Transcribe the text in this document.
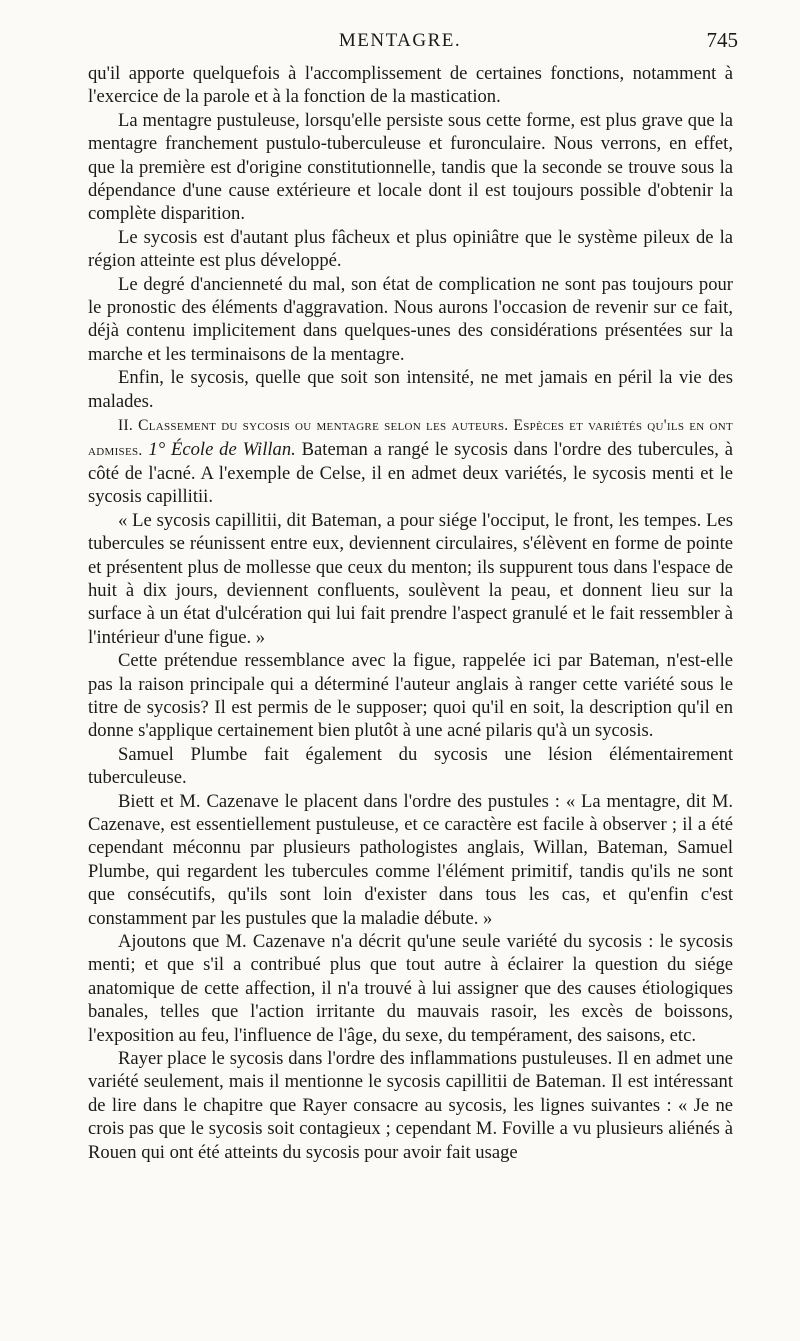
MENTAGRE.	745

qu'il apporte quelquefois à l'accomplissement de certaines fonctions, notamment à l'exercice de la parole et à la fonction de la mastication.

La mentagre pustuleuse, lorsqu'elle persiste sous cette forme, est plus grave que la mentagre franchement pustulo-tuberculeuse et furonculaire. Nous verrons, en effet, que la première est d'origine constitutionnelle, tandis que la seconde se trouve sous la dépendance d'une cause extérieure et locale dont il est toujours possible d'obtenir la complète disparition.

Le sycosis est d'autant plus fâcheux et plus opiniâtre que le système pileux de la région atteinte est plus développé.

Le degré d'ancienneté du mal, son état de complication ne sont pas toujours pour le pronostic des éléments d'aggravation. Nous aurons l'occasion de revenir sur ce fait, déjà contenu implicitement dans quelques-unes des considérations présentées sur la marche et les terminaisons de la mentagre.

Enfin, le sycosis, quelle que soit son intensité, ne met jamais en péril la vie des malades.

II. Classement du sycosis ou mentagre selon les auteurs. Espèces et variétés qu'ils en ont admises. 1° École de Willan. Bateman a rangé le sycosis dans l'ordre des tubercules, à côté de l'acné. A l'exemple de Celse, il en admet deux variétés, le sycosis menti et le sycosis capillitii.

« Le sycosis capillitii, dit Bateman, a pour siége l'occiput, le front, les tempes. Les tubercules se réunissent entre eux, deviennent circulaires, s'élèvent en forme de pointe et présentent plus de mollesse que ceux du menton; ils suppurent tous dans l'espace de huit à dix jours, deviennent confluents, soulèvent la peau, et donnent lieu sur la surface à un état d'ulcération qui lui fait prendre l'aspect granulé et le fait ressembler à l'intérieur d'une figue. »

Cette prétendue ressemblance avec la figue, rappelée ici par Bateman, n'est-elle pas la raison principale qui a déterminé l'auteur anglais à ranger cette variété sous le titre de sycosis? Il est permis de le supposer; quoi qu'il en soit, la description qu'il en donne s'applique certainement bien plutôt à une acné pilaris qu'à un sycosis.

Samuel Plumbe fait également du sycosis une lésion élémentairement tuberculeuse.

Biett et M. Cazenave le placent dans l'ordre des pustules : « La mentagre, dit M. Cazenave, est essentiellement pustuleuse, et ce caractère est facile à observer ; il a été cependant méconnu par plusieurs pathologistes anglais, Willan, Bateman, Samuel Plumbe, qui regardent les tubercules comme l'élément primitif, tandis qu'ils ne sont que consécutifs, qu'ils sont loin d'exister dans tous les cas, et qu'enfin c'est constamment par les pustules que la maladie débute. »

Ajoutons que M. Cazenave n'a décrit qu'une seule variété du sycosis : le sycosis menti; et que s'il a contribué plus que tout autre à éclairer la question du siége anatomique de cette affection, il n'a trouvé à lui assigner que des causes étiologiques banales, telles que l'action irritante du mauvais rasoir, les excès de boissons, l'exposition au feu, l'influence de l'âge, du sexe, du tempérament, des saisons, etc.

Rayer place le sycosis dans l'ordre des inflammations pustuleuses. Il en admet une variété seulement, mais il mentionne le sycosis capillitii de Bateman. Il est intéressant de lire dans le chapitre que Rayer consacre au sycosis, les lignes suivantes : « Je ne crois pas que le sycosis soit contagieux ; cependant M. Foville a vu plusieurs aliénés à Rouen qui ont été atteints du sycosis pour avoir fait usage
